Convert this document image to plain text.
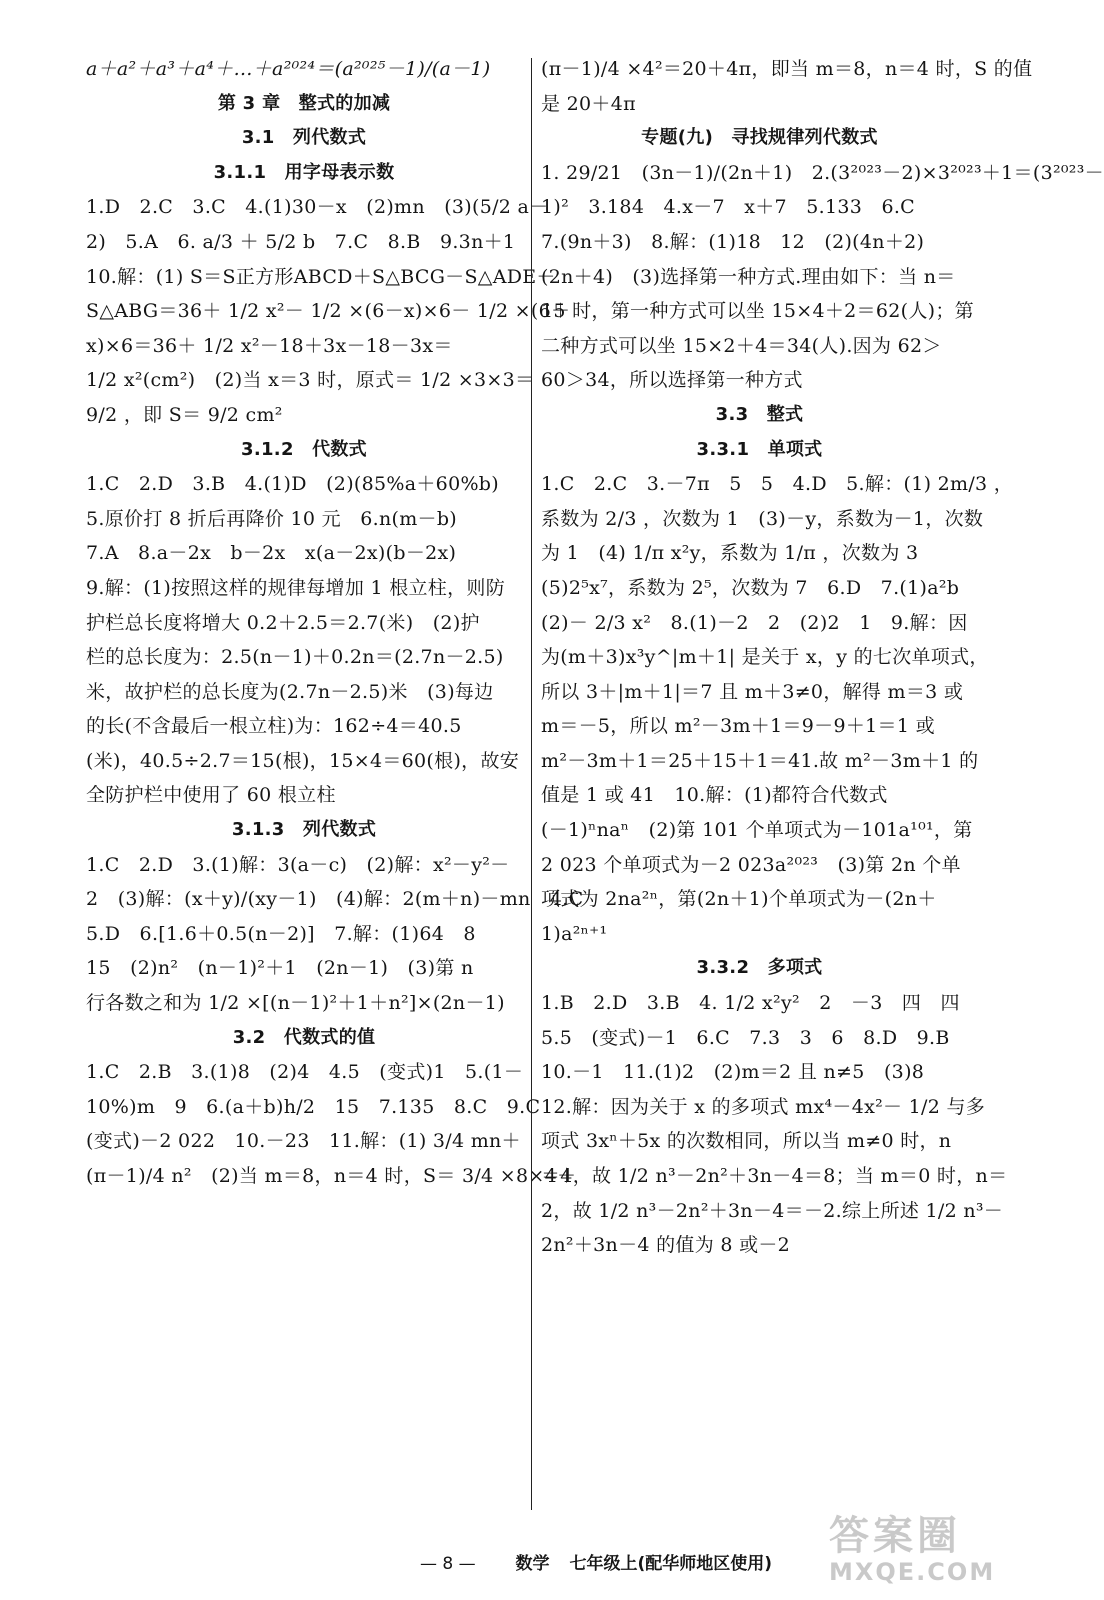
a＋a²＋a³＋a⁴＋…＋a²⁰²⁴＝(a²⁰²⁵－1)/(a－1)
第 3 章　整式的加减
3.1　列代数式
3.1.1　用字母表示数
1.D　2.C　3.C　4.(1)30－x　(2)mn　(3)(5/2 a－
2)　5.A　6. a/3 ＋ 5/2 b　7.C　8.B　9.3n＋1
10.解：(1) S＝S正方形ABCD＋S△BCG－S△ADE－
S△ABG＝36＋ 1/2 x²－ 1/2 ×(6－x)×6－ 1/2 ×(6＋
x)×6＝36＋ 1/2 x²－18＋3x－18－3x＝
1/2 x²(cm²)　(2)当 x＝3 时，原式＝ 1/2 ×3×3＝
9/2 ，即 S＝ 9/2 cm²
3.1.2　代数式
1.C　2.D　3.B　4.(1)D　(2)(85%a＋60%b)
5.原价打 8 折后再降价 10 元　6.n(m－b)
7.A　8.a－2x　b－2x　x(a－2x)(b－2x)
9.解：(1)按照这样的规律每增加 1 根立柱，则防
护栏总长度将增大 0.2＋2.5＝2.7(米)　(2)护
栏的总长度为：2.5(n－1)＋0.2n＝(2.7n－2.5)
米，故护栏的总长度为(2.7n－2.5)米　(3)每边
的长(不含最后一根立柱)为：162÷4＝40.5
(米)，40.5÷2.7＝15(根)，15×4＝60(根)，故安
全防护栏中使用了 60 根立柱
3.1.3　列代数式
1.C　2.D　3.(1)解：3(a－c)　(2)解：x²－y²－
2　(3)解：(x＋y)/(xy－1)　(4)解：2(m＋n)－mn　4.C
5.D　6.[1.6＋0.5(n－2)]　7.解：(1)64　8
15　(2)n²　(n－1)²＋1　(2n－1)　(3)第 n
行各数之和为 1/2 ×[(n－1)²＋1＋n²]×(2n－1)
3.2　代数式的值
1.C　2.B　3.(1)8　(2)4　4.5　(变式)1　5.(1－
10%)m　9　6.(a＋b)h/2　15　7.135　8.C　9.C
(变式)－2 022　10.－23　11.解：(1) 3/4 mn＋
(π－1)/4 n²　(2)当 m＝8，n＝4 时，S＝ 3/4 ×8×4＋
(π－1)/4 ×4²＝20＋4π，即当 m＝8，n＝4 时，S 的值
是 20＋4π
专题(九)　寻找规律列代数式
1. 29/21　(3n－1)/(2n＋1)　2.(3²⁰²³－2)×3²⁰²³＋1＝(3²⁰²³－
1)²　3.184　4.x－7　x＋7　5.133　6.C
7.(9n＋3)　8.解：(1)18　12　(2)(4n＋2)
(2n＋4)　(3)选择第一种方式.理由如下：当 n＝
15 时，第一种方式可以坐 15×4＋2＝62(人)；第
二种方式可以坐 15×2＋4＝34(人).因为 62＞
60＞34，所以选择第一种方式
3.3　整式
3.3.1　单项式
1.C　2.C　3.－7π　5　5　4.D　5.解：(1) 2m/3 ，
系数为 2/3 ，次数为 1　(3)－y，系数为－1，次数
为 1　(4) 1/π x²y，系数为 1/π ，次数为 3
(5)2⁵x⁷，系数为 2⁵，次数为 7　6.D　7.(1)a²b
(2)－ 2/3 x²　8.(1)－2　2　(2)2　1　9.解：因
为(m＋3)x³y^|m＋1| 是关于 x，y 的七次单项式，
所以 3＋|m＋1|＝7 且 m＋3≠0，解得 m＝3 或
m＝－5，所以 m²－3m＋1＝9－9＋1＝1 或
m²－3m＋1＝25＋15＋1＝41.故 m²－3m＋1 的
值是 1 或 41　10.解：(1)都符合代数式
(－1)ⁿnaⁿ　(2)第 101 个单项式为－101a¹⁰¹，第
2 023 个单项式为－2 023a²⁰²³　(3)第 2n 个单
项式为 2na²ⁿ，第(2n＋1)个单项式为－(2n＋
1)a²ⁿ⁺¹
3.3.2　多项式
1.B　2.D　3.B　4. 1/2 x²y²　2　－3　四　四
5.5　(变式)－1　6.C　7.3　3　6　8.D　9.B
10.－1　11.(1)2　(2)m＝2 且 n≠5　(3)8
12.解：因为关于 x 的多项式 mx⁴－4x²－ 1/2 与多
项式 3xⁿ＋5x 的次数相同，所以当 m≠0 时，n
＝4，故 1/2 n³－2n²＋3n－4＝8；当 m＝0 时，n＝
2，故 1/2 n³－2n²＋3n－4＝－2.综上所述 1/2 n³－
2n²＋3n－4 的值为 8 或－2
— 8 — 数学 七年级上(配华师地区使用)
答案圈
MXQE.COM
